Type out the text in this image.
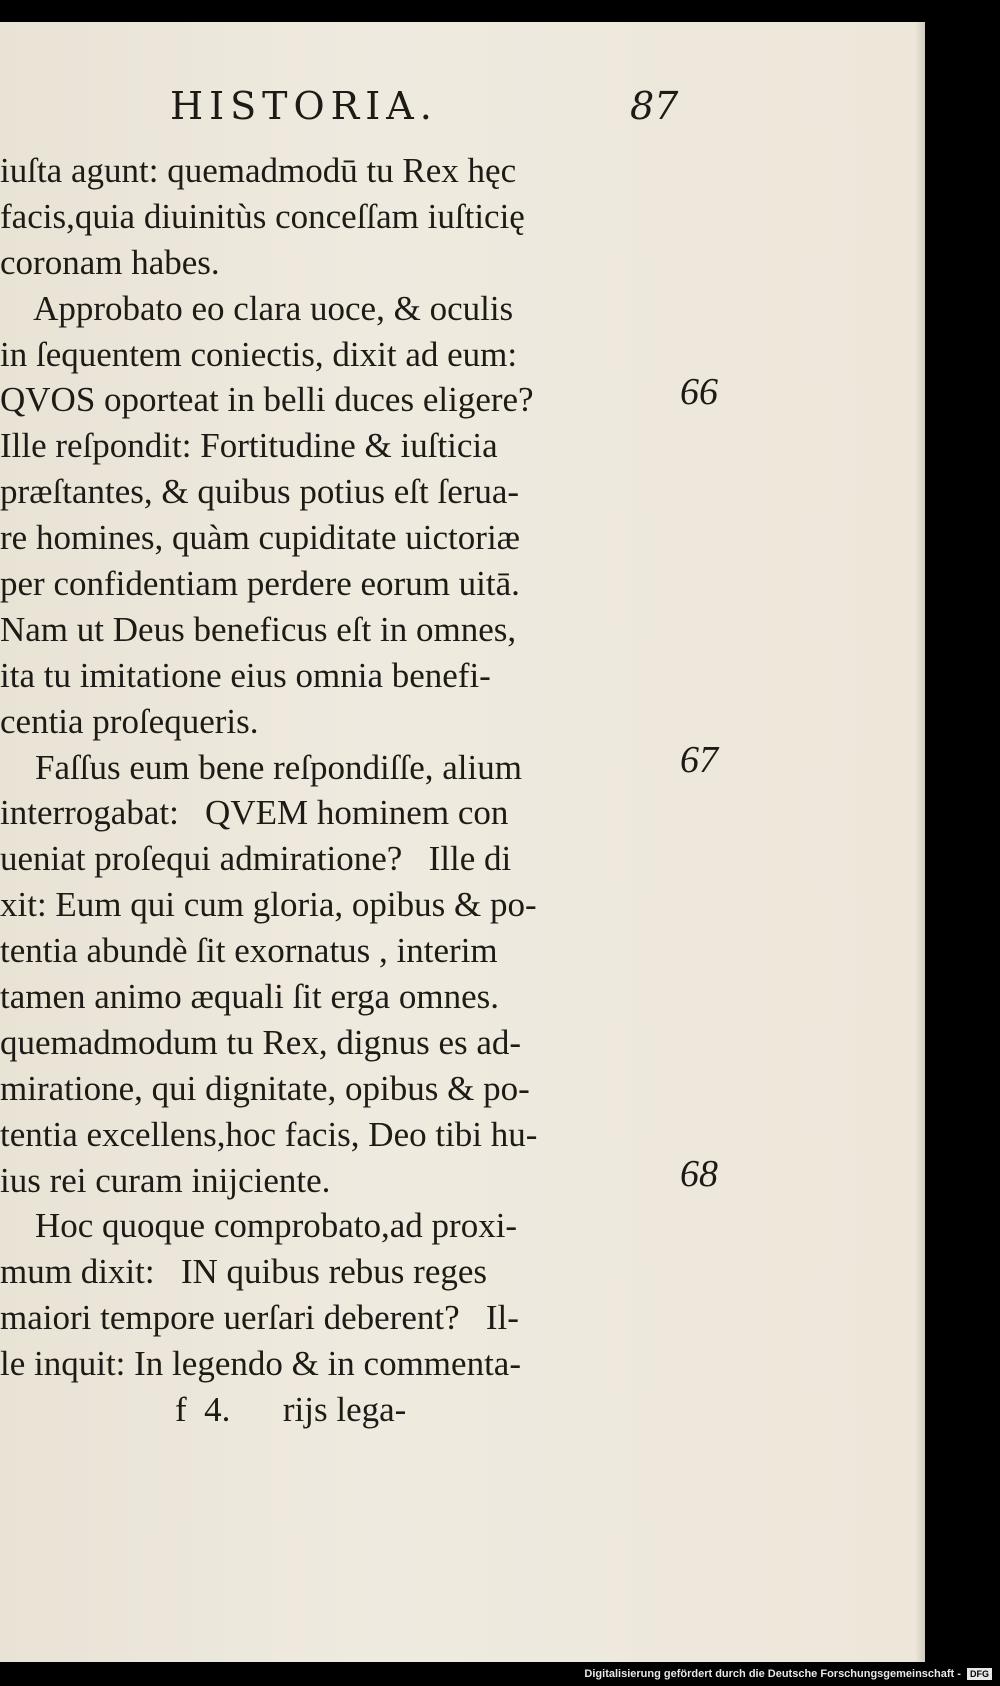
HISTORIA.	87
iuſta agunt: quemadmodū tu Rex hęc
facis,quia diuinitùs conceſſam iuſticię
coronam habes.
Approbato eo clara uoce, & oculis
in ſequentem coniectis, dixit ad eum:
QVOS oporteat in belli duces eligere?
Ille reſpondit: Fortitudine & iuſticia
præſtantes, & quibus potius eſt ſerua-
re homines, quàm cupiditate uictoriæ
per confidentiam perdere eorum uitā.
Nam ut Deus beneficus eſt in omnes,
ita tu imitatione eius omnia benefi-
centia proſequeris.
Faſſus eum bene reſpondiſſe, alium
interrogabat:   QVEM hominem con
ueniat proſequi admiratione?   Ille di
xit: Eum qui cum gloria, opibus & po-
tentia abundè ſit exornatus , interim
tamen animo æquali ſit erga omnes.
quemadmodum tu Rex, dignus es ad-
miratione, qui dignitate, opibus & po-
tentia excellens,hoc facis, Deo tibi hu-
ius rei curam inijciente.
Hoc quoque comprobato,ad proxi-
mum dixit:   IN quibus rebus reges
maiori tempore uerſari deberent?   Il-
le inquit: In legendo & in commenta-
f  4.      rijs lega-
66
67
68
Digitalisierung gefördert durch die Deutsche Forschungsgemeinschaft - DFG
